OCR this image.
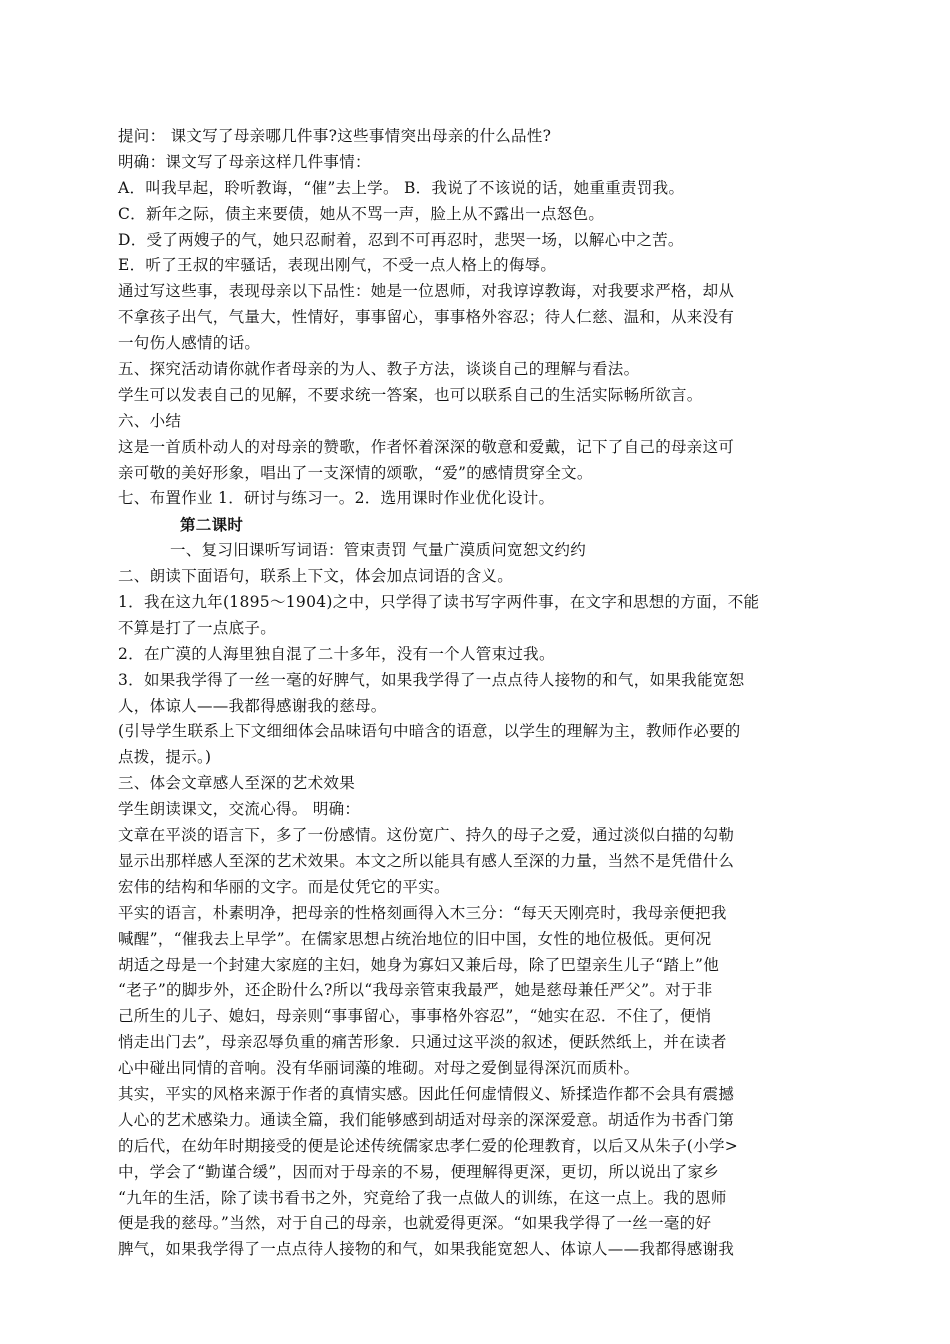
提问： 课文写了母亲哪几件事?这些事情突出母亲的什么品性?
明确：课文写了母亲这样几件事情：
A．叫我早起，聆听教诲，“催”去上学。 B．我说了不该说的话，她重重责罚我。
C．新年之际，债主来要债，她从不骂一声，脸上从不露出一点怒色。
D．受了两嫂子的气，她只忍耐着，忍到不可再忍时，悲哭一场，以解心中之苦。
E．听了王叔的牢骚话，表现出刚气，不受一点人格上的侮辱。
通过写这些事，表现母亲以下品性：她是一位恩师，对我谆谆教诲，对我要求严格，却从
不拿孩子出气，气量大，性情好，事事留心，事事格外容忍；待人仁慈、温和，从来没有
一句伤人感情的话。
五、探究活动请你就作者母亲的为人、教子方法，谈谈自己的理解与看法。
学生可以发表自己的见解，不要求统一答案，也可以联系自己的生活实际畅所欲言。
六、小结
这是一首质朴动人的对母亲的赞歌，作者怀着深深的敬意和爱戴，记下了自己的母亲这可
亲可敬的美好形象，唱出了一支深情的颂歌，“爱”的感情贯穿全文。
七、布置作业 1．研讨与练习一。2．选用课时作业优化设计。
第二课时
一、复习旧课听写词语：管束责罚 气量广漠质问宽恕文约约
二、朗读下面语句，联系上下文，体会加点词语的含义。
1．我在这九年(1895～1904)之中，只学得了读书写字两件事，在文字和思想的方面，不能
不算是打了一点底子。
2．在广漠的人海里独自混了二十多年，没有一个人管束过我。
3．如果我学得了一丝一毫的好脾气，如果我学得了一点点待人接物的和气，如果我能宽恕
人，体谅人——我都得感谢我的慈母。
(引导学生联系上下文细细体会品味语句中暗含的语意，以学生的理解为主，教师作必要的
点拨，提示。)
三、体会文章感人至深的艺术效果
学生朗读课文，交流心得。 明确：
文章在平淡的语言下，多了一份感情。这份宽广、持久的母子之爱，通过淡似白描的勾勒
显示出那样感人至深的艺术效果。本文之所以能具有感人至深的力量，当然不是凭借什么
宏伟的结构和华丽的文字。而是仗凭它的平实。
平实的语言，朴素明净，把母亲的性格刻画得入木三分：“每天天刚亮时，我母亲便把我
喊醒”，“催我去上早学”。在儒家思想占统治地位的旧中国，女性的地位极低。更何况
胡适之母是一个封建大家庭的主妇，她身为寡妇又兼后母，除了巴望亲生儿子“踏上”他
“老子”的脚步外，还企盼什么?所以“我母亲管束我最严，她是慈母兼任严父”。对于非
己所生的儿子、媳妇，母亲则“事事留心，事事格外容忍”，“她实在忍．不住了，便悄
悄走出门去”，母亲忍辱负重的痛苦形象．只通过这平淡的叙述，便跃然纸上，并在读者
心中碰出同情的音响。没有华丽词藻的堆砌。对母之爱倒显得深沉而质朴。
其实，平实的风格来源于作者的真情实感。因此任何虚情假义、矫揉造作都不会具有震撼
人心的艺术感染力。通读全篇，我们能够感到胡适对母亲的深深爱意。胡适作为书香门第
的后代，在幼年时期接受的便是论述传统儒家忠孝仁爱的伦理教育，以后又从朱子(小学>
中，学会了“勤谨合缓”，因而对于母亲的不易，便理解得更深，更切，所以说出了家乡
“九年的生活，除了读书看书之外，究竟给了我一点做人的训练，在这一点上。我的恩师
便是我的慈母。”当然，对于自己的母亲，也就爱得更深。“如果我学得了一丝一毫的好
脾气，如果我学得了一点点待人接物的和气，如果我能宽恕人、体谅人——我都得感谢我
